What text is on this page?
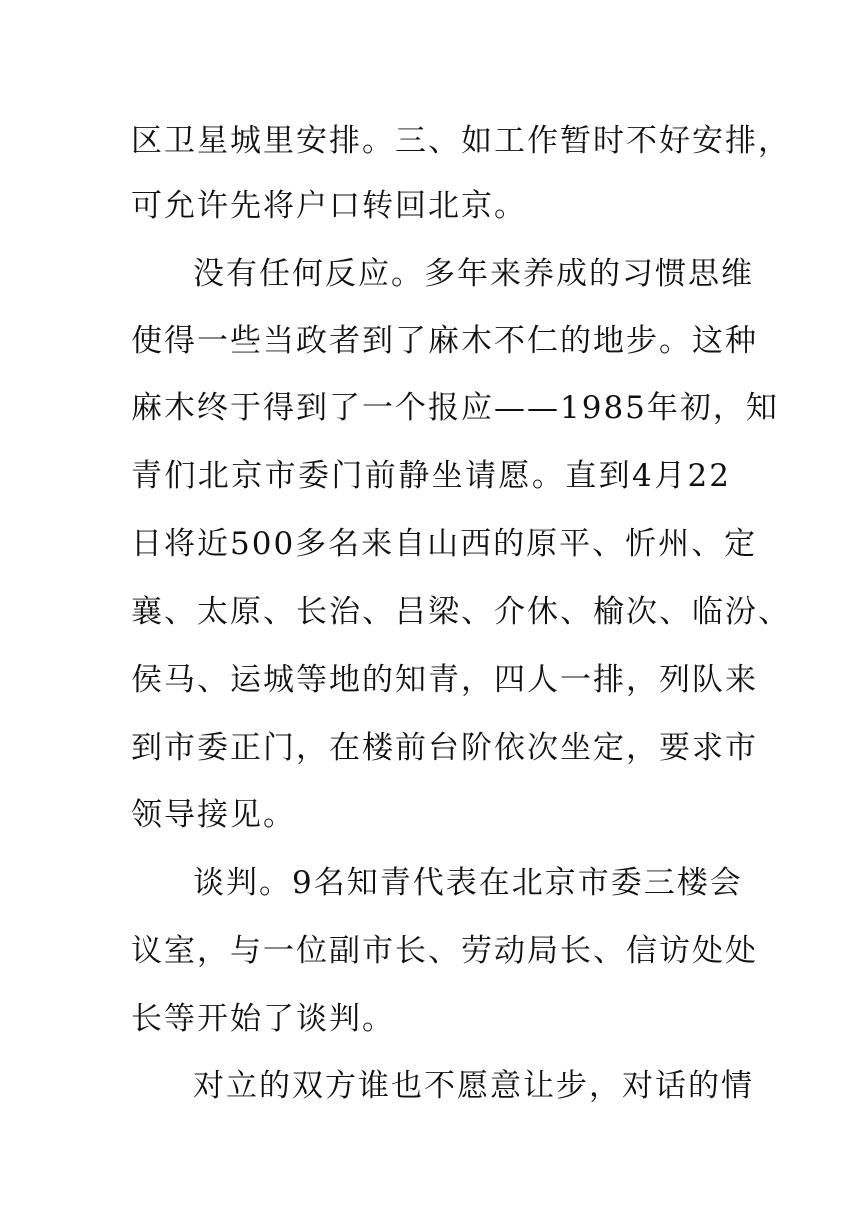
区卫星城里安排。三、如工作暂时不好安排，
可允许先将户口转回北京。
没有任何反应。多年来养成的习惯思维
使得一些当政者到了麻木不仁的地步。这种
麻木终于得到了一个报应——1985年初，知
青们北京市委门前静坐请愿。直到4月22
日将近500多名来自山西的原平、忻州、定
襄、太原、长治、吕梁、介休、榆次、临汾、
侯马、运城等地的知青，四人一排，列队来
到市委正门，在楼前台阶依次坐定，要求市
领导接见。
谈判。9名知青代表在北京市委三楼会
议室，与一位副市长、劳动局长、信访处处
长等开始了谈判。
对立的双方谁也不愿意让步，对话的情
